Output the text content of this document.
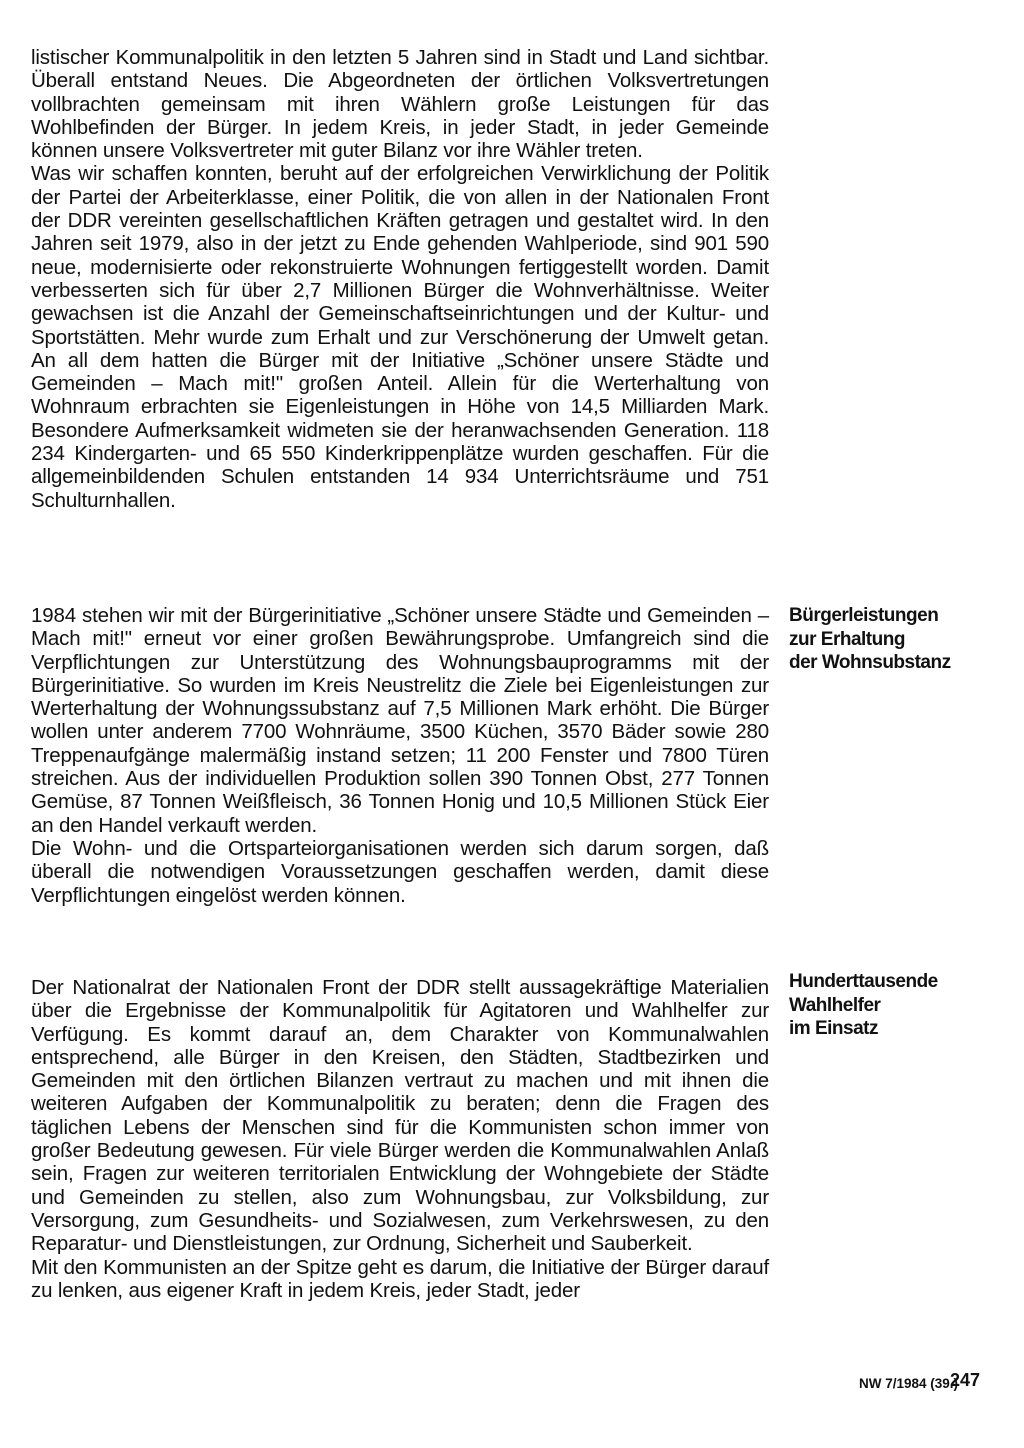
listischer Kommunalpolitik in den letzten 5 Jahren sind in Stadt und Land sichtbar. Überall entstand Neues. Die Abgeordneten der örtlichen Volksvertretungen vollbrachten gemeinsam mit ihren Wählern große Leistungen für das Wohlbefinden der Bürger. In jedem Kreis, in jeder Stadt, in jeder Gemeinde können unsere Volksvertreter mit guter Bilanz vor ihre Wähler treten.

Was wir schaffen konnten, beruht auf der erfolgreichen Verwirklichung der Politik der Partei der Arbeiterklasse, einer Politik, die von allen in der Nationalen Front der DDR vereinten gesellschaftlichen Kräften getragen und gestaltet wird. In den Jahren seit 1979, also in der jetzt zu Ende gehenden Wahlperiode, sind 901 590 neue, modernisierte oder rekonstruierte Wohnungen fertiggestellt worden. Damit verbesserten sich für über 2,7 Millionen Bürger die Wohnverhältnisse. Weiter gewachsen ist die Anzahl der Gemeinschaftseinrichtungen und der Kultur- und Sportstätten. Mehr wurde zum Erhalt und zur Verschönerung der Umwelt getan. An all dem hatten die Bürger mit der Initiative „Schöner unsere Städte und Gemeinden – Mach mit!" großen Anteil. Allein für die Werterhaltung von Wohnraum erbrachten sie Eigenleistungen in Höhe von 14,5 Milliarden Mark. Besondere Aufmerksamkeit widmeten sie der heranwachsenden Generation. 118 234 Kindergarten- und 65 550 Kinderkrippenplätze wurden geschaffen. Für die allgemeinbildenden Schulen entstanden 14 934 Unterrichtsräume und 751 Schulturnhallen.

Bürgerleistungen
zur Erhaltung
der Wohnsubstanz

1984 stehen wir mit der Bürgerinitiative „Schöner unsere Städte und Gemeinden – Mach mit!" erneut vor einer großen Bewährungsprobe. Umfangreich sind die Verpflichtungen zur Unterstützung des Wohnungsbauprogramms mit der Bürgerinitiative. So wurden im Kreis Neustrelitz die Ziele bei Eigenleistungen zur Werterhaltung der Wohnungssubstanz auf 7,5 Millionen Mark erhöht. Die Bürger wollen unter anderem 7700 Wohnräume, 3500 Küchen, 3570 Bäder sowie 280 Treppenaufgänge malermäßig instand setzen; 11 200 Fenster und 7800 Türen streichen. Aus der individuellen Produktion sollen 390 Tonnen Obst, 277 Tonnen Gemüse, 87 Tonnen Weißfleisch, 36 Tonnen Honig und 10,5 Millionen Stück Eier an den Handel verkauft werden.

Die Wohn- und die Ortsparteiorganisationen werden sich darum sorgen, daß überall die notwendigen Voraussetzungen geschaffen werden, damit diese Verpflichtungen eingelöst werden können.

Hunderttausende
Wahlhelfer
im Einsatz

Der Nationalrat der Nationalen Front der DDR stellt aussagekräftige Materialien über die Ergebnisse der Kommunalpolitik für Agitatoren und Wahlhelfer zur Verfügung. Es kommt darauf an, dem Charakter von Kommunalwahlen entsprechend, alle Bürger in den Kreisen, den Städten, Stadtbezirken und Gemeinden mit den örtlichen Bilanzen vertraut zu machen und mit ihnen die weiteren Aufgaben der Kommunalpolitik zu beraten; denn die Fragen des täglichen Lebens der Menschen sind für die Kommunisten schon immer von großer Bedeutung gewesen. Für viele Bürger werden die Kommunalwahlen Anlaß sein, Fragen zur weiteren territorialen Entwicklung der Wohngebiete der Städte und Gemeinden zu stellen, also zum Wohnungsbau, zur Volksbildung, zur Versorgung, zum Gesundheits- und Sozialwesen, zum Verkehrswesen, zu den Reparatur- und Dienstleistungen, zur Ordnung, Sicherheit und Sauberkeit.

Mit den Kommunisten an der Spitze geht es darum, die Initiative der Bürger darauf zu lenken, aus eigener Kraft in jedem Kreis, jeder Stadt, jeder

NW 7/1984 (39.)
247
